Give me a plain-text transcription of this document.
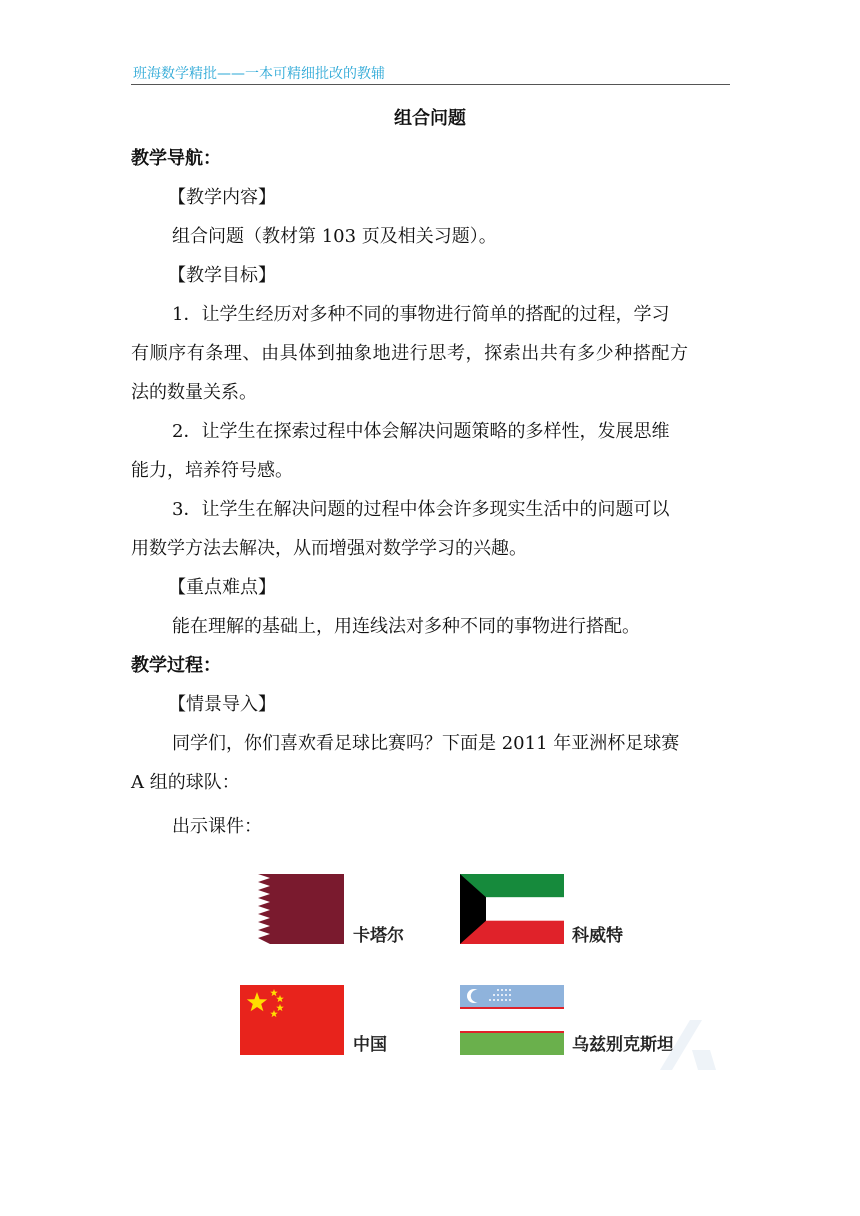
班海数学精批——一本可精细批改的教辅
组合问题
教学导航：
【教学内容】
组合问题（教材第 103 页及相关习题）。
【教学目标】
1．让学生经历对多种不同的事物进行简单的搭配的过程，学习
有顺序有条理、由具体到抽象地进行思考，探索出共有多少种搭配方
法的数量关系。
2．让学生在探索过程中体会解决问题策略的多样性，发展思维
能力，培养符号感。
3．让学生在解决问题的过程中体会许多现实生活中的问题可以
用数学方法去解决，从而增强对数学学习的兴趣。
【重点难点】
能在理解的基础上，用连线法对多种不同的事物进行搭配。
教学过程：
【情景导入】
同学们，你们喜欢看足球比赛吗？下面是 2011 年亚洲杯足球赛
A 组的球队：
出示课件：
卡塔尔	科威特
中国	乌兹别克斯坦
